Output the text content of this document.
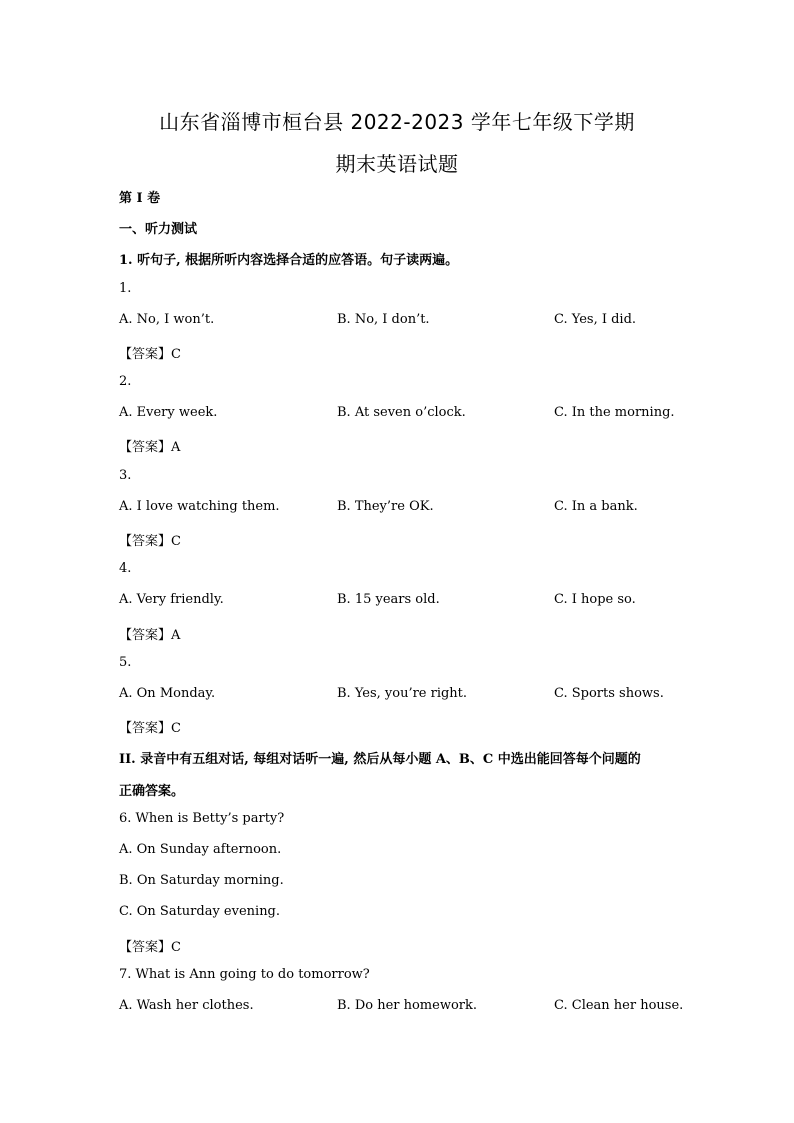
山东省淄博市桓台县 2022-2023 学年七年级下学期
期末英语试题
第 I 卷
一、听力测试
1. 听句子, 根据所听内容选择合适的应答语。句子读两遍。
1.
A. No, I won’t.	B. No, I don’t.	C. Yes, I did.
【答案】C
2.
A. Every week.	B. At seven o’clock.	C. In the morning.
【答案】A
3.
A. I love watching them.	B. They’re OK.	C. In a bank.
【答案】C
4.
A. Very friendly.	B. 15 years old.	C. I hope so.
【答案】A
5.
A. On Monday.	B. Yes, you’re right.	C. Sports shows.
【答案】C
II. 录音中有五组对话, 每组对话听一遍, 然后从每小题 A、B、C 中选出能回答每个问题的
正确答案。
6. When is Betty’s party?
A. On Sunday afternoon.
B. On Saturday morning.
C. On Saturday evening.
【答案】C
7. What is Ann going to do tomorrow?
A. Wash her clothes.	B. Do her homework.	C. Clean her house.
